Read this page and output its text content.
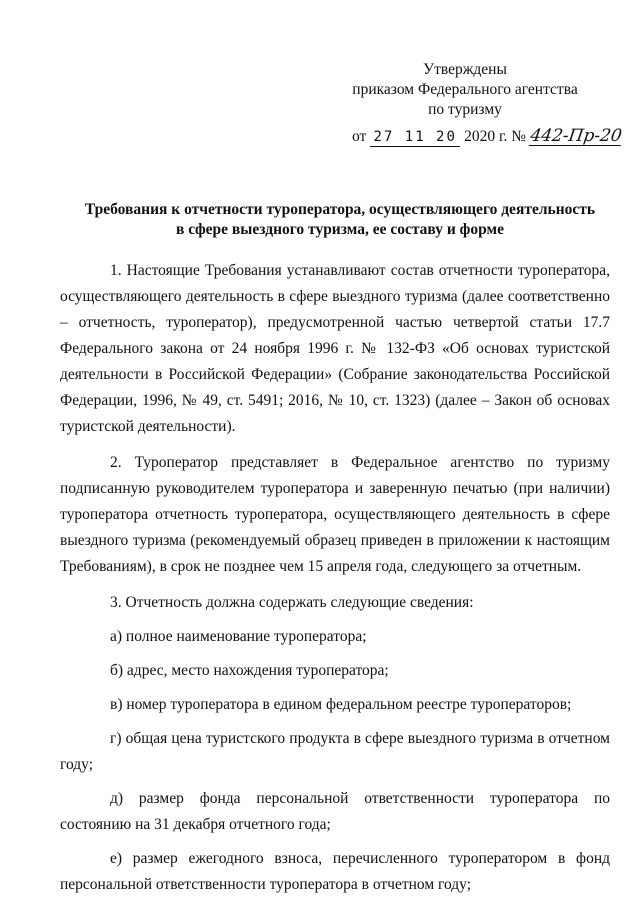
Утверждены
приказом Федерального агентства
по туризму
от 27 11 20 2020 г. № 442-Пр-20
Требования к отчетности туроператора, осуществляющего деятельность
в сфере выездного туризма, ее составу и форме

1. Настоящие Требования устанавливают состав отчетности туроператора, осуществляющего деятельность в сфере выездного туризма (далее соответственно – отчетность, туроператор), предусмотренной частью четвертой статьи 17.7 Федерального закона от 24 ноября 1996 г. № 132-ФЗ «Об основах туристской деятельности в Российской Федерации» (Собрание законодательства Российской Федерации, 1996, № 49, ст. 5491; 2016, № 10, ст. 1323) (далее – Закон об основах туристской деятельности).

2. Туроператор представляет в Федеральное агентство по туризму подписанную руководителем туроператора и заверенную печатью (при наличии) туроператора отчетность туроператора, осуществляющего деятельность в сфере выездного туризма (рекомендуемый образец приведен в приложении к настоящим Требованиям), в срок не позднее чем 15 апреля года, следующего за отчетным.

3. Отчетность должна содержать следующие сведения:

а) полное наименование туроператора;

б) адрес, место нахождения туроператора;

в) номер туроператора в едином федеральном реестре туроператоров;

г) общая цена туристского продукта в сфере выездного туризма в отчетном году;

д) размер фонда персональной ответственности туроператора по состоянию на 31 декабря отчетного года;

е) размер ежегодного взноса, перечисленного туроператором в фонд персональной ответственности туроператора в отчетном году;
